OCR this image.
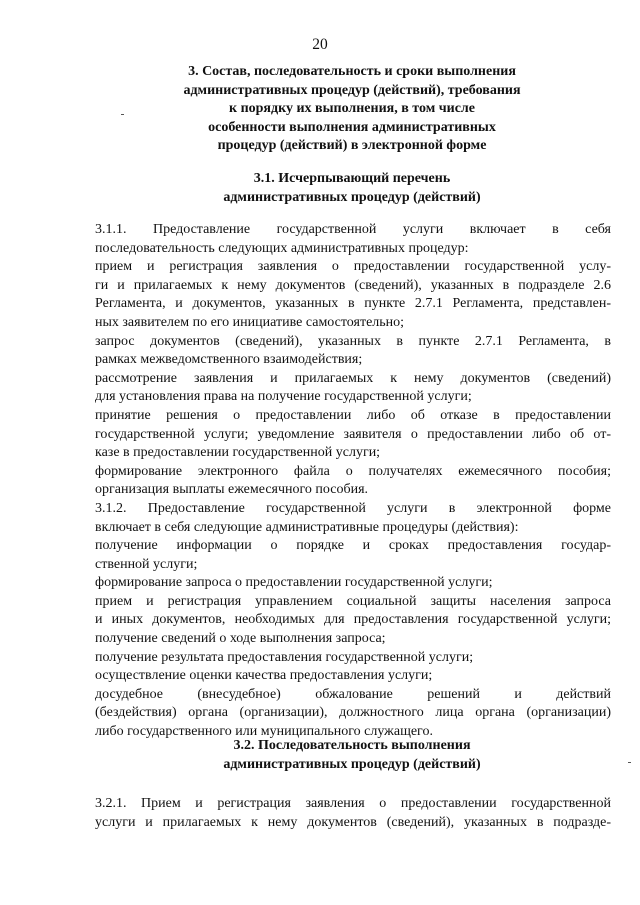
20
3. Состав, последовательность и сроки выполнения
административных процедур (действий), требования
к порядку их выполнения, в том числе
особенности выполнения административных
процедур (действий) в электронной форме
3.1. Исчерпывающий перечень
административных процедур (действий)

3.1.1. Предоставление государственной услуги включает в себя

последовательность следующих административных процедур:

прием и регистрация заявления о предоставлении государственной услу-

ги и прилагаемых к нему документов (сведений), указанных в подразделе 2.6
Регламента, и документов, указанных в пункте 2.7.1 Регламента, представлен-
ных заявителем по его инициативе самостоятельно;

запрос документов (сведений), указанных в пункте 2.7.1 Регламента, в

рамках межведомственного взаимодействия;

рассмотрение заявления и прилагаемых к нему документов (сведений)

для установления права на получение государственной услуги;

принятие решения о предоставлении либо об отказе в предоставлении

государственной услуги; уведомление заявителя о предоставлении либо об от-
казе в предоставлении государственной услуги;

формирование электронного файла о получателях ежемесячного пособия;

организация выплаты ежемесячного пособия.

3.1.2. Предоставление государственной услуги в электронной форме

включает в себя следующие административные процедуры (действия):

получение информации о порядке и сроках предоставления государ-

ственной услуги;

формирование запроса о предоставлении государственной услуги;

прием и регистрация управлением социальной защиты населения запроса

и иных документов, необходимых для предоставления государственной услуги;

получение сведений о ходе выполнения запроса;

получение результата предоставления государственной услуги;

осуществление оценки качества предоставления услуги;

досудебное (внесудебное) обжалование решений и действий

(бездействия) органа (организации), должностного лица органа (организации)
либо государственного или муниципального служащего.

3.2. Последовательность выполнения
административных процедур (действий)

3.2.1. Прием и регистрация заявления о предоставлении государственной

услуги и прилагаемых к нему документов (сведений), указанных в подразде-
